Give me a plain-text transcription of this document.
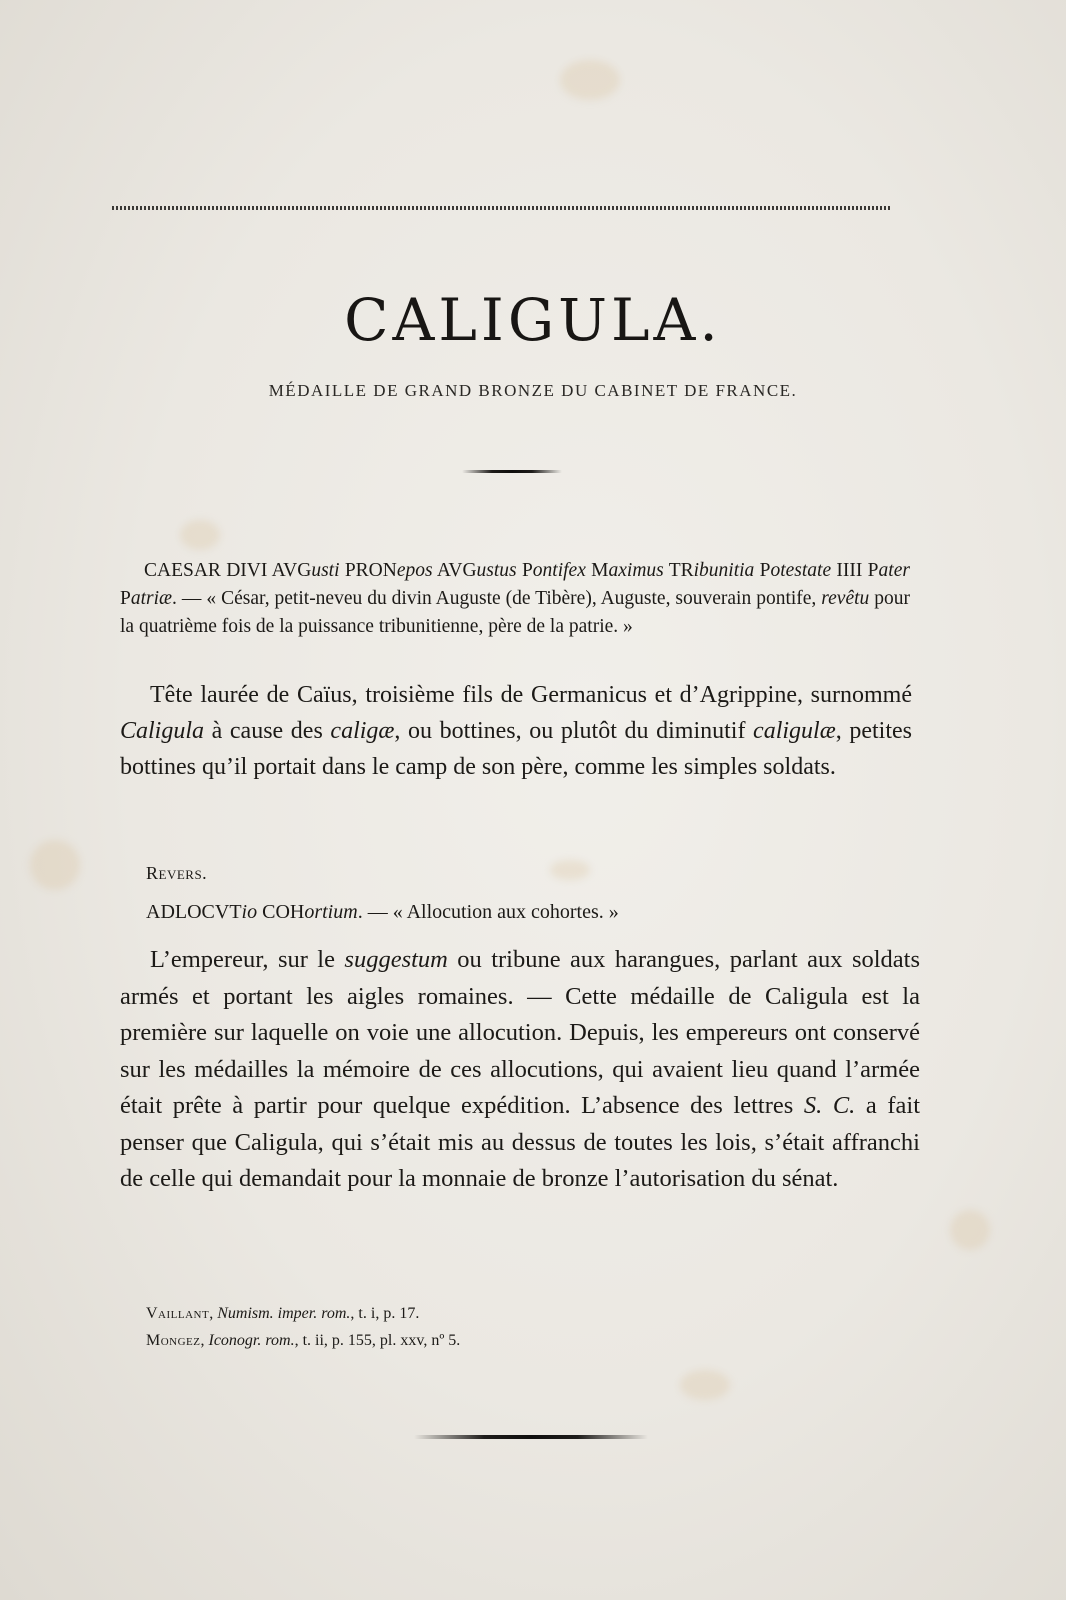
CALIGULA.
MÉDAILLE DE GRAND BRONZE DU CABINET DE FRANCE.
CAESAR DIVI AVGusti PRONepos AVGustus Pontifex Maximus TRibunitia Potestate IIII Pater Patriæ. — « César, petit-neveu du divin Auguste (de Tibère), Auguste, souverain pontife, revêtu pour la quatrième fois de la puissance tribunitienne, père de la patrie. »
Tête laurée de Caïus, troisième fils de Germanicus et d’Agrippine, surnommé Caligula à cause des caligæ, ou bottines, ou plutôt du diminutif caligulæ, petites bottines qu’il portait dans le camp de son père, comme les simples soldats.
Revers.
ADLOCVTio COHortium. — « Allocution aux cohortes. »
L’empereur, sur le suggestum ou tribune aux harangues, parlant aux soldats armés et portant les aigles romaines. — Cette médaille de Caligula est la première sur laquelle on voie une allocution. Depuis, les empereurs ont conservé sur les médailles la mémoire de ces allocutions, qui avaient lieu quand l’armée était prête à partir pour quelque expédition. L’absence des lettres S. C. a fait penser que Caligula, qui s’était mis au dessus de toutes les lois, s’était affranchi de celle qui demandait pour la monnaie de bronze l’autorisation du sénat.
Vaillant, Numism. imper. rom., t. i, p. 17.
Mongez, Iconogr. rom., t. ii, p. 155, pl. xxv, nº 5.
